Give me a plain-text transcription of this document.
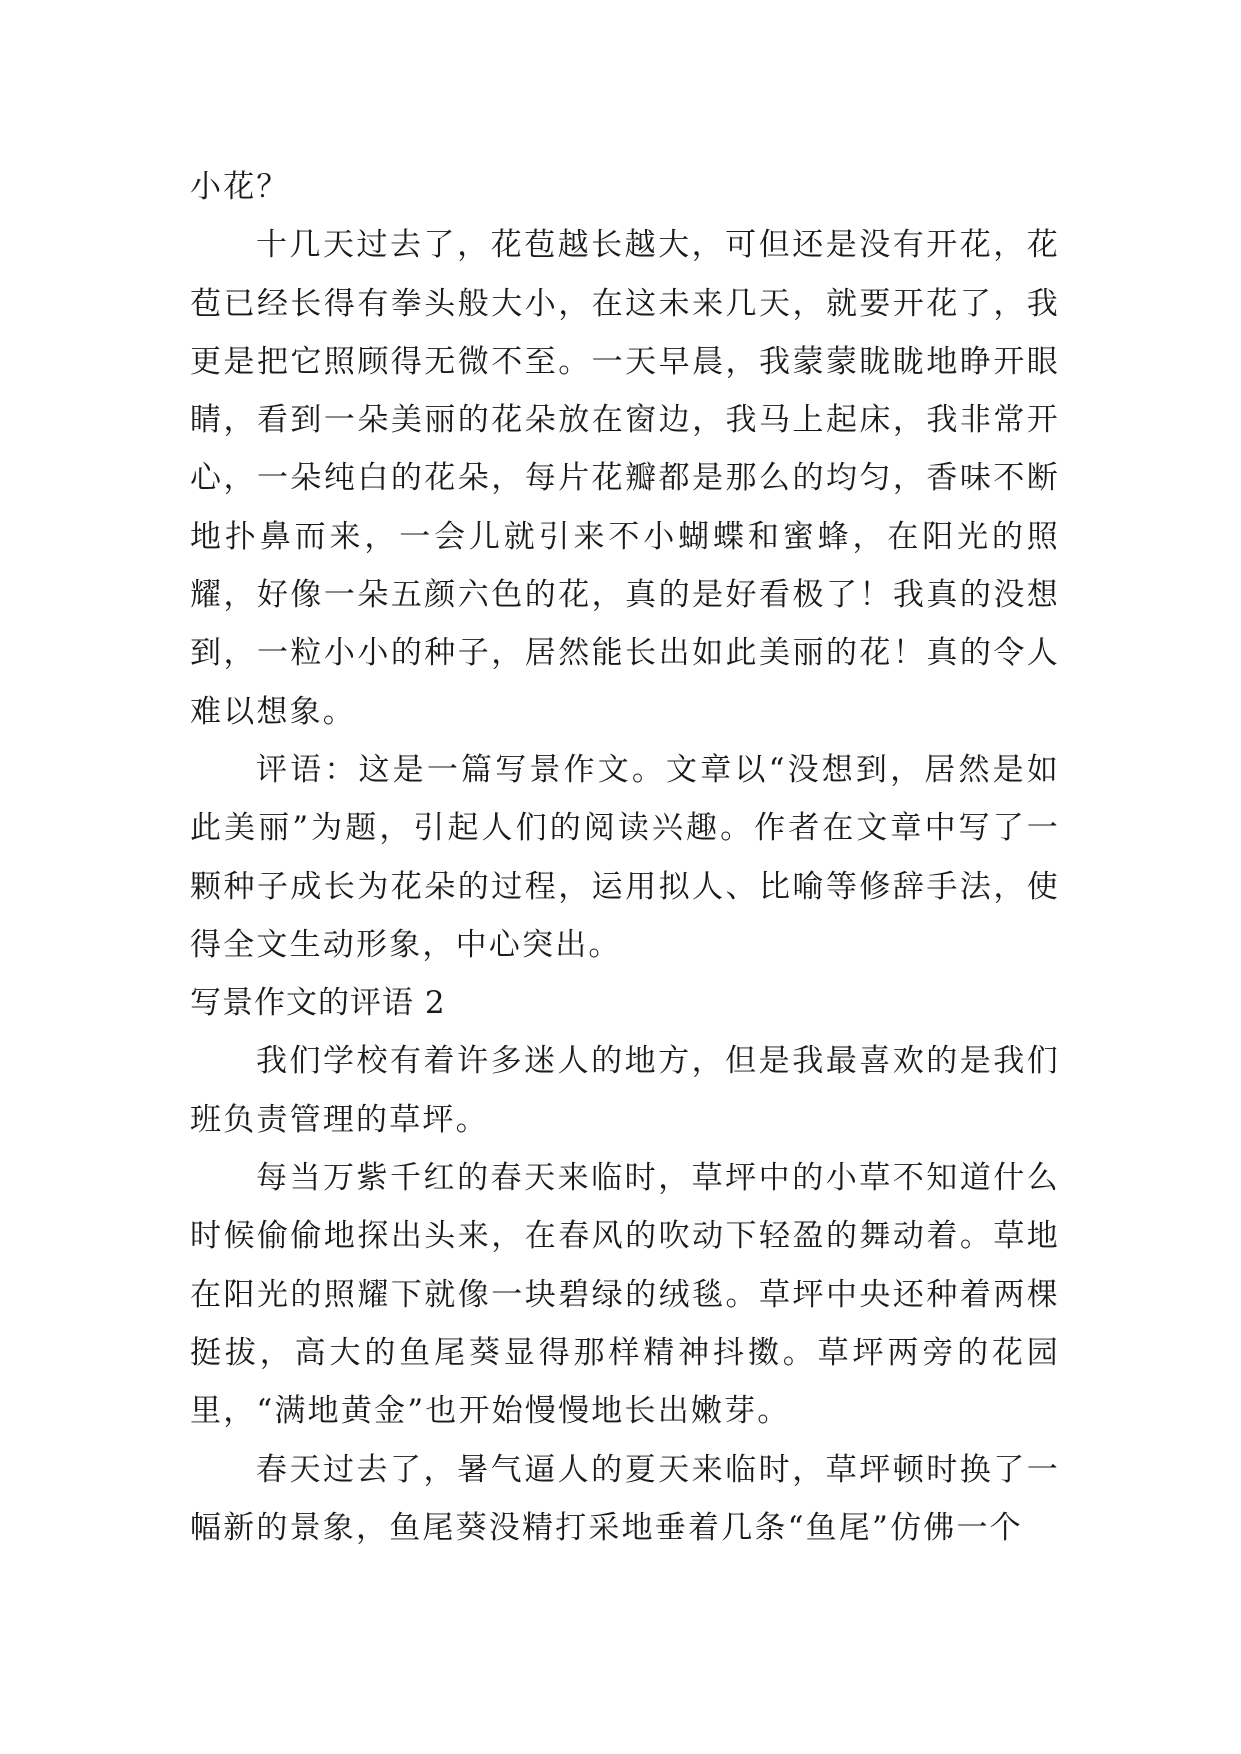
小花？

十几天过去了，花苞越长越大，可但还是没有开花，花苞已经长得有拳头般大小，在这未来几天，就要开花了，我更是把它照顾得无微不至。一天早晨，我蒙蒙眬眬地睁开眼睛，看到一朵美丽的花朵放在窗边，我马上起床，我非常开心，一朵纯白的花朵，每片花瓣都是那么的均匀，香味不断地扑鼻而来，一会儿就引来不小蝴蝶和蜜蜂，在阳光的照耀，好像一朵五颜六色的花，真的是好看极了！我真的没想到，一粒小小的种子，居然能长出如此美丽的花！真的令人难以想象。

评语：这是一篇写景作文。文章以“没想到，居然是如此美丽”为题，引起人们的阅读兴趣。作者在文章中写了一颗种子成长为花朵的过程，运用拟人、比喻等修辞手法，使得全文生动形象，中心突出。

写景作文的评语 2

我们学校有着许多迷人的地方，但是我最喜欢的是我们班负责管理的草坪。

每当万紫千红的春天来临时，草坪中的小草不知道什么时候偷偷地探出头来，在春风的吹动下轻盈的舞动着。草地在阳光的照耀下就像一块碧绿的绒毯。草坪中央还种着两棵挺拔，高大的鱼尾葵显得那样精神抖擞。草坪两旁的花园里，“满地黄金”也开始慢慢地长出嫩芽。

春天过去了，暑气逼人的夏天来临时，草坪顿时换了一幅新的景象，鱼尾葵没精打采地垂着几条“鱼尾”仿佛一个
